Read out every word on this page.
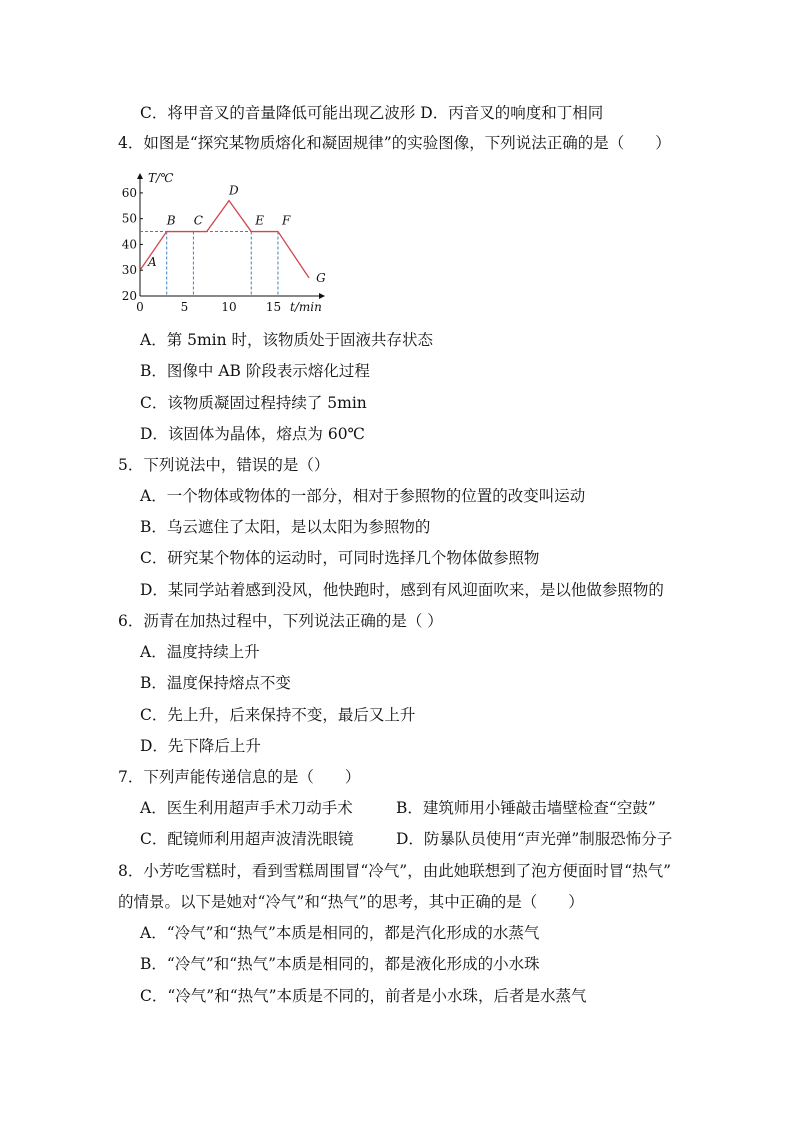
C．将甲音叉的音量降低可能出现乙波形 D．丙音叉的响度和丁相同
4．如图是“探究某物质熔化和凝固规律”的实验图像，下列说法正确的是（　　）
20
30
40
50
60
0	5	10 15
T/℃
t/min
A
B C
D
E F
G
A．第 5min 时，该物质处于固液共存状态
B．图像中 AB 阶段表示熔化过程
C．该物质凝固过程持续了 5min
D．该固体为晶体，熔点为 60℃
5．下列说法中，错误的是（）
A．一个物体或物体的一部分，相对于参照物的位置的改变叫运动
B．乌云遮住了太阳，是以太阳为参照物的
C．研究某个物体的运动时，可同时选择几个物体做参照物
D．某同学站着感到没风，他快跑时，感到有风迎面吹来，是以他做参照物的
6．沥青在加热过程中，下列说法正确的是（ ）
A．温度持续上升
B．温度保持熔点不变
C．先上升，后来保持不变，最后又上升
D．先下降后上升
7．下列声能传递信息的是（　　）
A．医生利用超声手术刀动手术	B．建筑师用小锤敲击墙壁检查“空鼓”
C．配镜师利用超声波清洗眼镜	D．防暴队员使用“声光弹”制服恐怖分子
8．小芳吃雪糕时，看到雪糕周围冒“冷气”，由此她联想到了泡方便面时冒“热气”
的情景。以下是她对“冷气”和“热气”的思考，其中正确的是（　　）
A．“冷气”和“热气”本质是相同的，都是汽化形成的水蒸气
B．“冷气”和“热气”本质是相同的，都是液化形成的小水珠
C．“冷气”和“热气”本质是不同的，前者是小水珠，后者是水蒸气
